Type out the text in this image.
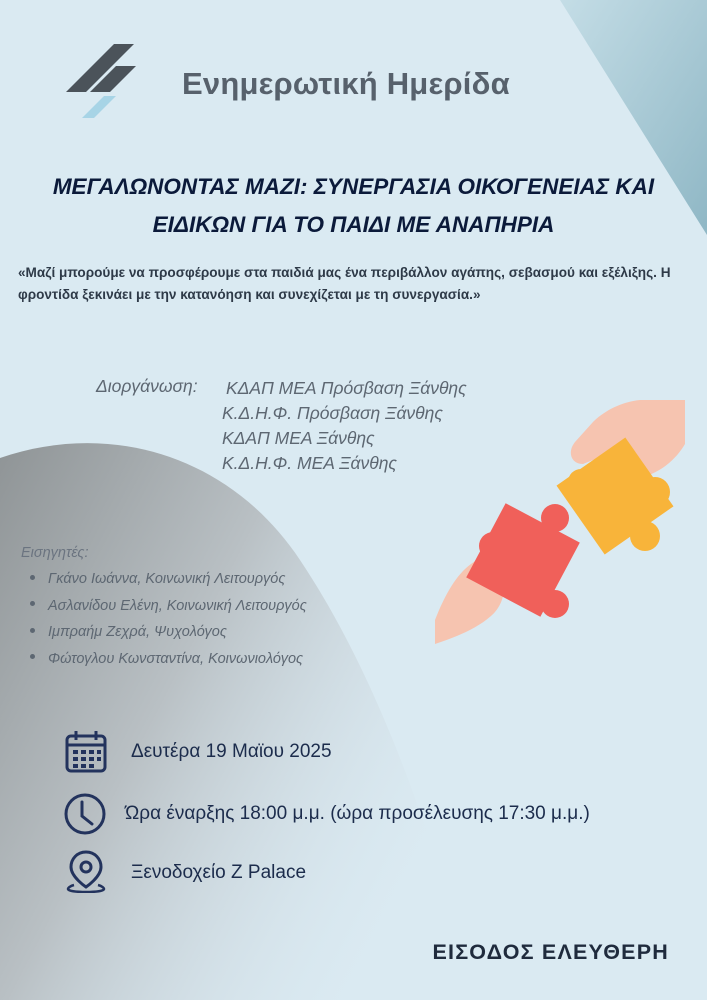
Ενημερωτική Ημερίδα
ΜΕΓΑΛΩΝΟΝΤΑΣ ΜΑΖΙ: ΣΥΝΕΡΓΑΣΙΑ ΟΙΚΟΓΕΝΕΙΑΣ ΚΑΙ
ΕΙΔΙΚΩΝ ΓΙΑ ΤΟ ΠΑΙΔΙ ΜΕ ΑΝΑΠΗΡΙΑ
«Μαζί μπορούμε να προσφέρουμε στα παιδιά μας ένα περιβάλλον αγάπης, σεβασμού και εξέλιξης. Η φροντίδα ξεκινάει με την κατανόηση και συνεχίζεται με τη συνεργασία.»
Διοργάνωση: ΚΔΑΠ ΜΕΑ Πρόσβαση Ξάνθης
Κ.Δ.Η.Φ. Πρόσβαση Ξάνθης
ΚΔΑΠ ΜΕΑ Ξάνθης
Κ.Δ.Η.Φ. ΜΕΑ Ξάνθης
Εισηγητές:
Γκάνο Ιωάννα, Κοινωνική Λειτουργός
Ασλανίδου Ελένη, Κοινωνική Λειτουργός
Ιμπραήμ Ζεχρά, Ψυχολόγος
Φώτογλου Κωνσταντίνα, Κοινωνιολόγος
Δευτέρα 19 Μαϊου 2025
Ώρα έναρξης 18:00 μ.μ. (ώρα προσέλευσης 17:30 μ.μ.)
Ξενοδοχείο Z Palace
ΕΙΣΟΔΟΣ ΕΛΕΥΘΕΡΗ
